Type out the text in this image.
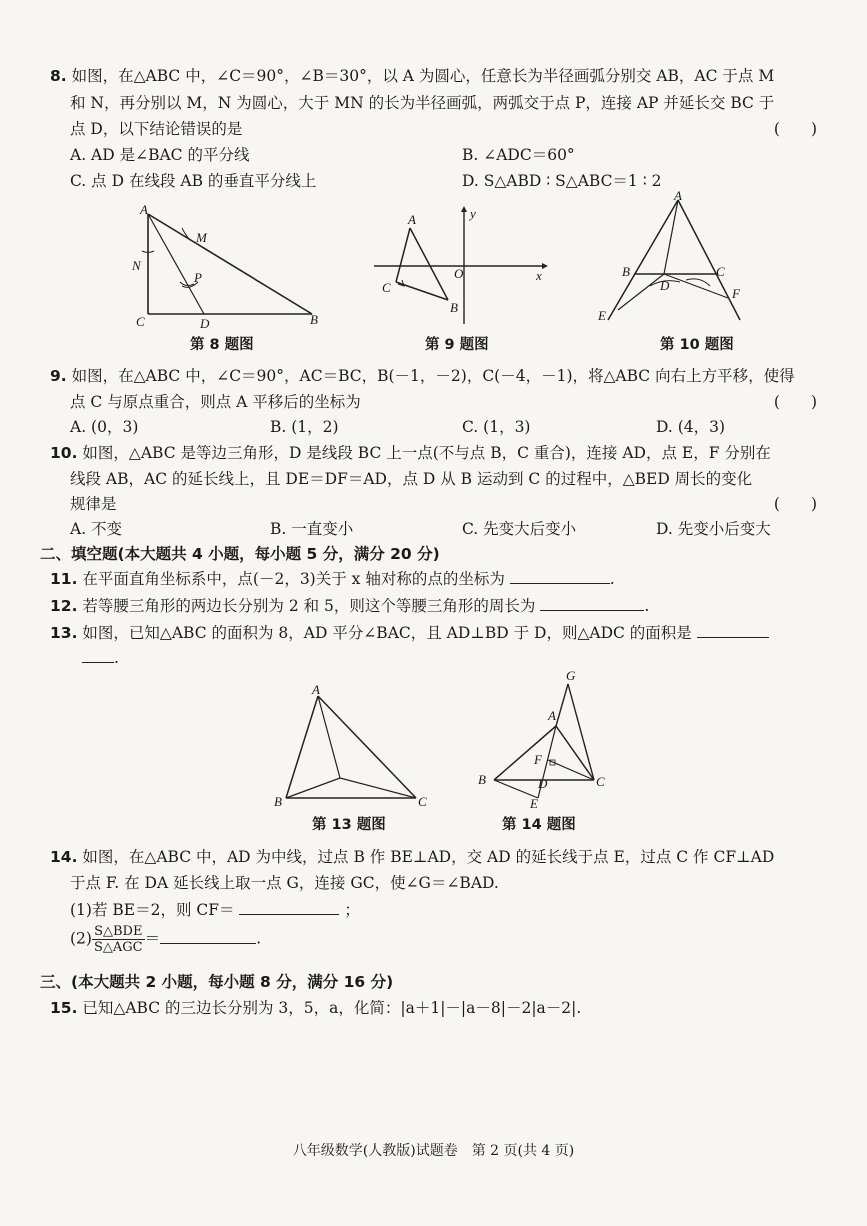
8. 如图，在△ABC 中，∠C＝90°，∠B＝30°，以 A 为圆心，任意长为半径画弧分别交 AB，AC 于点 M
和 N，再分别以 M，N 为圆心，大于 MN 的长为半径画弧，两弧交于点 P，连接 AP 并延长交 BC 于
点 D，以下结论错误的是	(　　)
A. AD 是∠BAC 的平分线	B. ∠ADC＝60°
C. 点 D 在线段 AB 的垂直平分线上	D. S△ABD ∶ S△ABC＝1 ∶ 2
A
M
N
P
C	D	B
第 8 题图
A	y
O	x
C
B
第 9 题图
A
B	C
D
E
F
第 10 题图
9. 如图，在△ABC 中，∠C＝90°，AC＝BC，B(－1，－2)，C(－4，－1)，将△ABC 向右上方平移，使得
点 C 与原点重合，则点 A 平移后的坐标为	(　　)
A. (0，3)	B. (1，2)	C. (1，3)	D. (4，3)
10. 如图，△ABC 是等边三角形，D 是线段 BC 上一点(不与点 B，C 重合)，连接 AD，点 E，F 分别在
线段 AB，AC 的延长线上，且 DE＝DF＝AD，点 D 从 B 运动到 C 的过程中，△BED 周长的变化
规律是	(　　)
A. 不变	B. 一直变小	C. 先变大后变小	D. 先变小后变大
二、填空题(本大题共 4 小题，每小题 5 分，满分 20 分)
11. 在平面直角坐标系中，点(－2，3)关于 x 轴对称的点的坐标为	.
12. 若等腰三角形的两边长分别为 2 和 5，则这个等腰三角形的周长为	.
13. 如图，已知△ABC 的面积为 8，AD 平分∠BAC，且 AD⊥BD 于 D，则△ADC 的面积是
.
A
B	C
第 13 题图
G
A
F
D
B	C
E
第 14 题图
14. 如图，在△ABC 中，AD 为中线，过点 B 作 BE⊥AD，交 AD 的延长线于点 E，过点 C 作 CF⊥AD
于点 F. 在 DA 延长线上取一点 G，连接 GC，使∠G＝∠BAD.
(1)若 BE＝2，则 CF＝	；
$(2) \frac{\text{S△BDE}}{\text{S△AGC}}$ ＝	.
三、(本大题共 2 小题，每小题 8 分，满分 16 分)
15. 已知△ABC 的三边长分别为 3，5，a，化简：|a＋1|－|a－8|－2|a－2|.
八年级数学(人教版)试题卷　第 2 页(共 4 页)
